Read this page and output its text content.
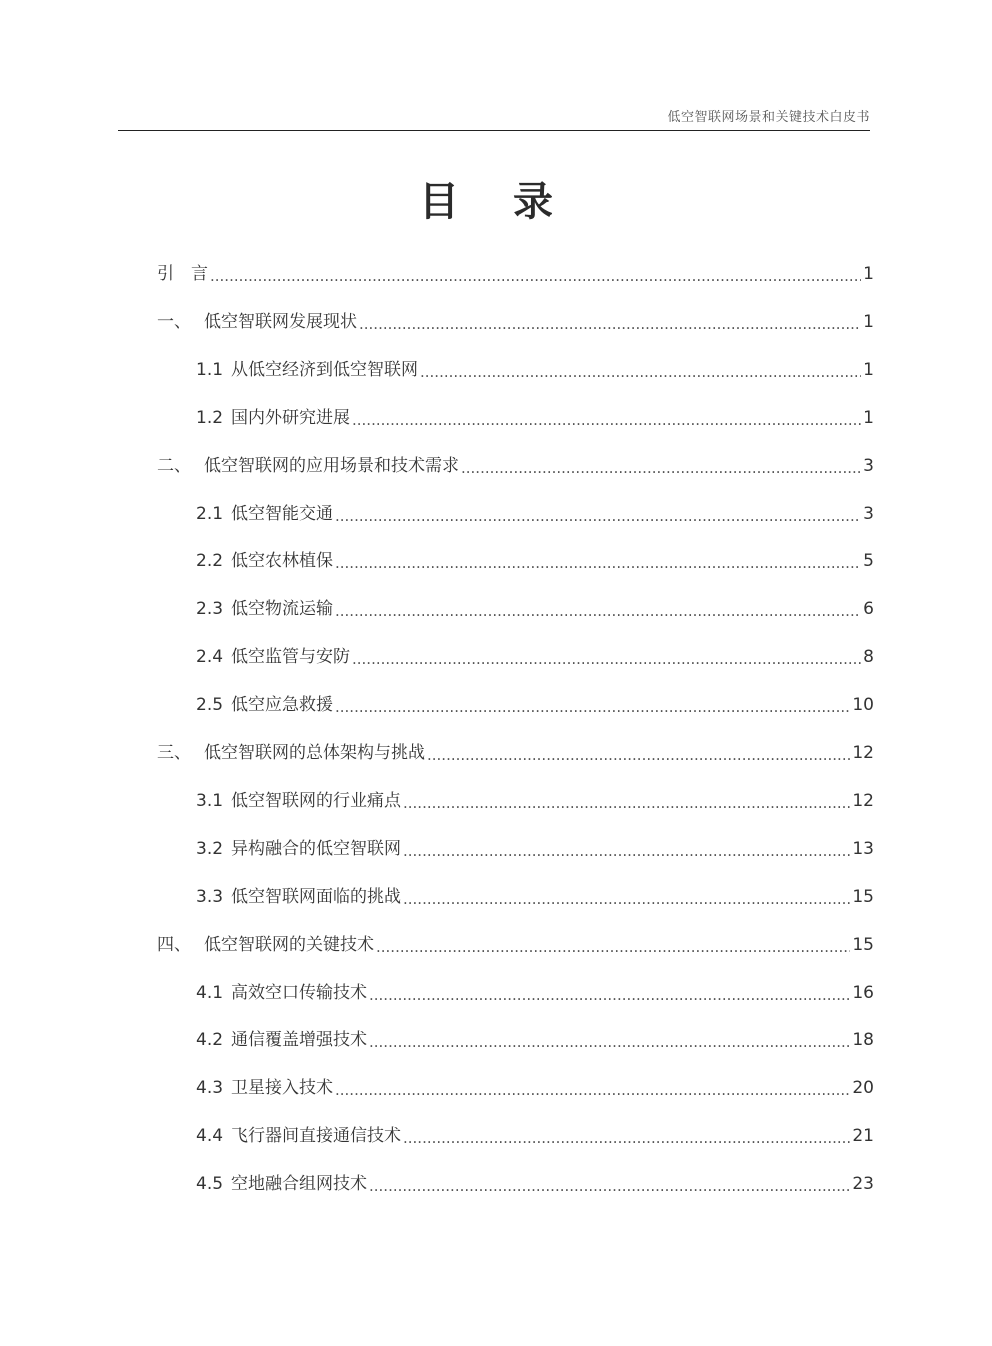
低空智联网场景和关键技术白皮书
目 录
引　言 .....	1
一、 低空智联网发展现状 .....	1
1.1 从低空经济到低空智联网 .....	1
1.2 国内外研究进展 .....	1
二、 低空智联网的应用场景和技术需求 .....	3
2.1 低空智能交通 .....	3
2.2 低空农林植保 .....	5
2.3 低空物流运输 .....	6
2.4 低空监管与安防 .....	8
2.5 低空应急救援 .....	10
三、 低空智联网的总体架构与挑战 .....	12
3.1 低空智联网的行业痛点 .....	12
3.2 异构融合的低空智联网 .....	13
3.3 低空智联网面临的挑战 .....	15
四、 低空智联网的关键技术 .....	15
4.1 高效空口传输技术 .....	16
4.2 通信覆盖增强技术 .....	18
4.3 卫星接入技术 .....	20
4.4 飞行器间直接通信技术 .....	21
4.5 空地融合组网技术 .....	23
